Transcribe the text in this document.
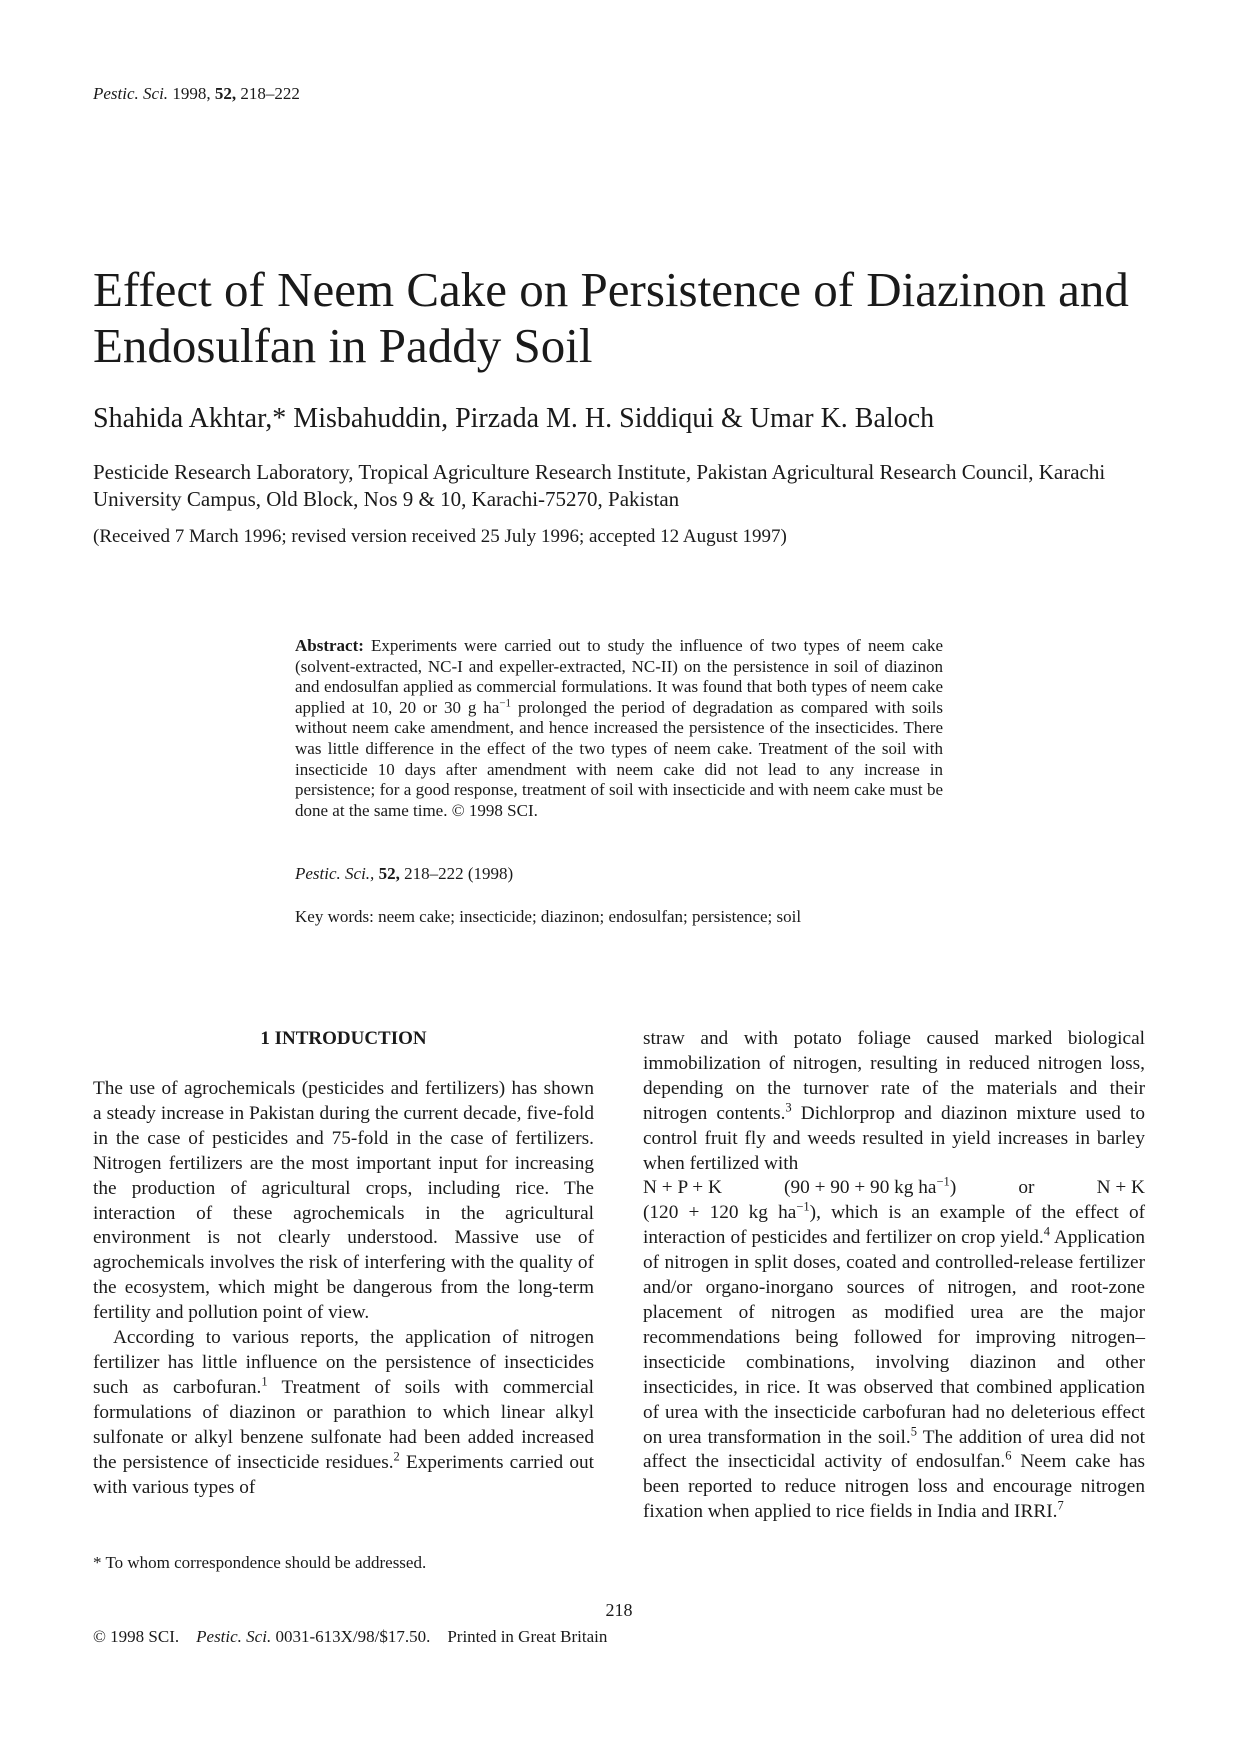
Pestic. Sci. 1998, 52, 218–222
Effect of Neem Cake on Persistence of Diazinon and Endosulfan in Paddy Soil
Shahida Akhtar,* Misbahuddin, Pirzada M. H. Siddiqui & Umar K. Baloch
Pesticide Research Laboratory, Tropical Agriculture Research Institute, Pakistan Agricultural Research Council, Karachi University Campus, Old Block, Nos 9 & 10, Karachi-75270, Pakistan
(Received 7 March 1996; revised version received 25 July 1996; accepted 12 August 1997)
Abstract: Experiments were carried out to study the influence of two types of neem cake (solvent-extracted, NC-I and expeller-extracted, NC-II) on the persistence in soil of diazinon and endosulfan applied as commercial formulations. It was found that both types of neem cake applied at 10, 20 or 30 g $ha^{-1}$ prolonged the period of degradation as compared with soils without neem cake amendment, and hence increased the persistence of the insecticides. There was little difference in the effect of the two types of neem cake. Treatment of the soil with insecticide 10 days after amendment with neem cake did not lead to any increase in persistence; for a good response, treatment of soil with insecticide and with neem cake must be done at the same time. © 1998 SCI.
Pestic. Sci., 52, 218–222 (1998)
Key words: neem cake; insecticide; diazinon; endosulfan; persistence; soil
1 INTRODUCTION

The use of agrochemicals (pesticides and fertilizers) has shown a steady increase in Pakistan during the current decade, five-fold in the case of pesticides and 75-fold in the case of fertilizers. Nitrogen fertilizers are the most important input for increasing the production of agricultural crops, including rice. The interaction of these agrochemicals in the agricultural environment is not clearly understood. Massive use of agrochemicals involves the risk of interfering with the quality of the ecosystem, which might be dangerous from the long-term fertility and pollution point of view.

According to various reports, the application of nitrogen fertilizer has little influence on the persistence of insecticides such as carbofuran.$^1$ Treatment of soils with commercial formulations of diazinon or parathion to which linear alkyl sulfonate or alkyl benzene sulfonate had been added increased the persistence of insecticide residues.$^2$ Experiments carried out with various types of

straw and with potato foliage caused marked biological immobilization of nitrogen, resulting in reduced nitrogen loss, depending on the turnover rate of the materials and their nitrogen contents.$^3$ Dichlorprop and diazinon mixture used to control fruit fly and weeds resulted in yield increases in barley when fertilized with

N + P + K	(90 + 90 + 90 kg $ha^{-1}$)	or	N + K

(120 + 120 kg $ha^{-1}$), which is an example of the effect of interaction of pesticides and fertilizer on crop yield.$^4$ Application of nitrogen in split doses, coated and controlled-release fertilizer and/or organo-inorgano sources of nitrogen, and root-zone placement of nitrogen as modified urea are the major recommendations being followed for improving nitrogen–insecticide combinations, involving diazinon and other insecticides, in rice. It was observed that combined application of urea with the insecticide carbofuran had no deleterious effect on urea transformation in the soil.$^5$ The addition of urea did not affect the insecticidal activity of endosulfan.$^6$ Neem cake has been reported to reduce nitrogen loss and encourage nitrogen fixation when applied to rice fields in India and IRRI.$^7$

* To whom correspondence should be addressed.
218
© 1998 SCI. Pestic. Sci. 0031-613X/98/$17.50. Printed in Great Britain
